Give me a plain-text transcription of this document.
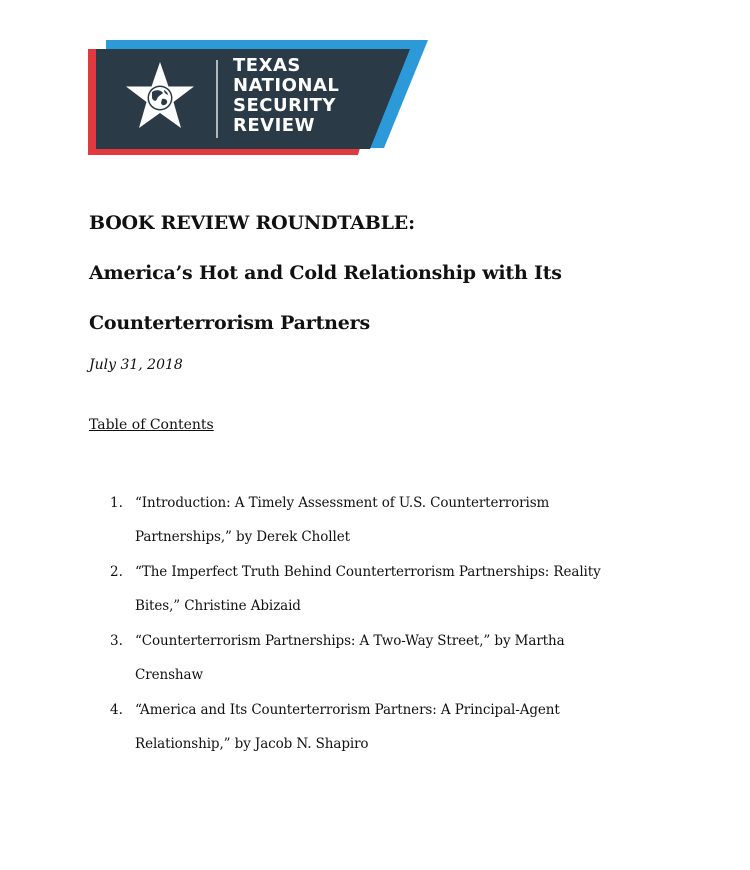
TEXAS
NATIONAL
SECURITY
REVIEW
BOOK REVIEW ROUNDTABLE:
America’s Hot and Cold Relationship with Its
Counterterrorism Partners
July 31, 2018
Table of Contents
1. “Introduction: A Timely Assessment of U.S. Counterterrorism
Partnerships,” by Derek Chollet
2. “The Imperfect Truth Behind Counterterrorism Partnerships: Reality
Bites,” Christine Abizaid
3. “Counterterrorism Partnerships: A Two-Way Street,” by Martha
Crenshaw
4. “America and Its Counterterrorism Partners: A Principal-Agent
Relationship,” by Jacob N. Shapiro
